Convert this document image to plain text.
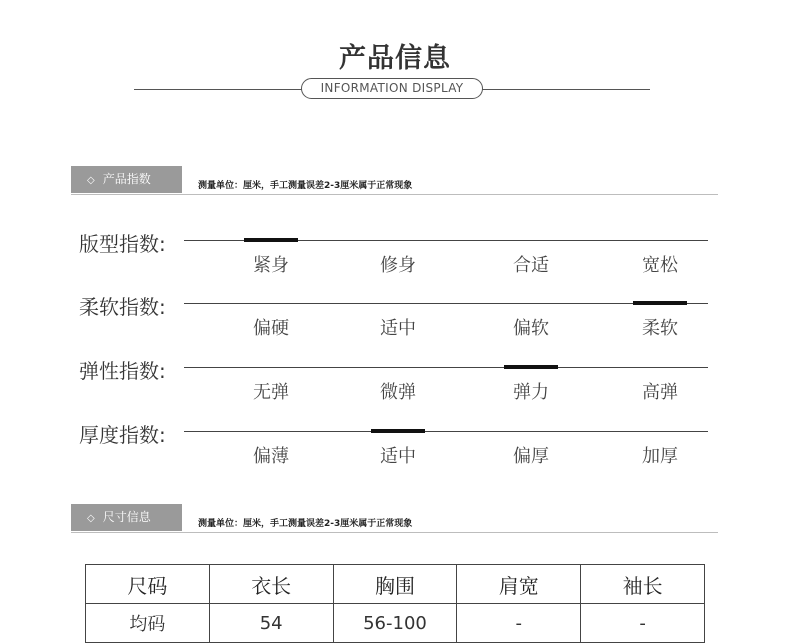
产品信息
INFORMATION DISPLAY
◇ 产品指数	测量单位：厘米，手工测量误差2-3厘米属于正常现象
版型指数:
紧身	修身	合适	宽松
柔软指数:
偏硬	适中	偏软	柔软
弹性指数:
无弹	微弹	弹力	高弹
厚度指数:
偏薄	适中	偏厚	加厚
◇ 尺寸信息	测量单位：厘米，手工测量误差2-3厘米属于正常现象
尺码	衣长	胸围	肩宽	袖长
均码	54	56-100	-	-
